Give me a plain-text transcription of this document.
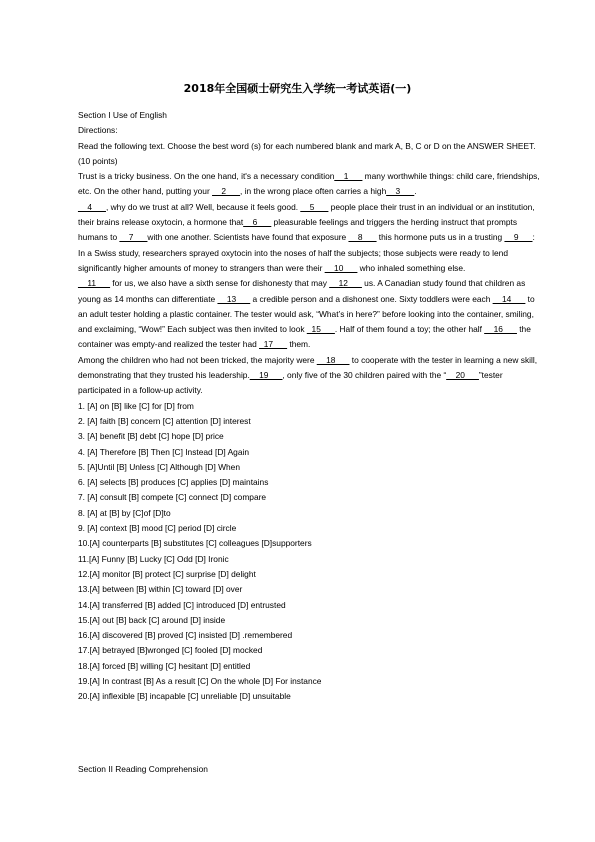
2018年全国硕士研究生入学统一考试英语(一)

Section I Use of English

Directions:

Read the following text. Choose the best word (s) for each numbered blank and mark A, B, C or D on the ANSWER SHEET. (10 points)

Trust is a tricky business. On the one hand, it's a necessary condition__1___ many worthwhile things: child care, friendships, etc. On the other hand, putting your __2___, in the wrong place often carries a high__3___.

__4___, why do we trust at all? Well, because it feels good. __5___ people place their trust in an individual or an institution, their brains release oxytocin, a hormone that__6___ pleasurable feelings and triggers the herding instruct that prompts humans to __7___with one another. Scientists have found that exposure __8___ this hormone puts us in a trusting __9___: In a Swiss study, researchers sprayed oxytocin into the noses of half the subjects; those subjects were ready to lend significantly higher amounts of money to strangers than were their __10___ who inhaled something else.

__11___ for us, we also have a sixth sense for dishonesty that may __12___ us. A Canadian study found that children as young as 14 months can differentiate __13___ a credible person and a dishonest one. Sixty toddlers were each __14___ to an adult tester holding a plastic container. The tester would ask, “What’s in here?” before looking into the container, smiling, and exclaiming, “Wow!” Each subject was then invited to look _15___. Half of them found a toy; the other half __16___ the container was empty-and realized the tester had _17___ them.

Among the children who had not been tricked, the majority were __18___ to cooperate with the tester in learning a new skill, demonstrating that they trusted his leadership.__19___, only five of the 30 children paired with the “__20___”tester participated in a follow-up activity.

1. [A] on [B] like [C] for [D] from
2. [A] faith [B] concern [C] attention [D] interest
3. [A] benefit [B] debt [C] hope [D] price
4. [A] Therefore [B] Then [C] Instead [D] Again
5. [A]Until [B] Unless [C] Although [D] When
6. [A] selects [B] produces [C] applies [D] maintains
7. [A] consult [B] compete [C] connect [D] compare
8. [A] at [B] by [C]of [D]to
9. [A] context [B] mood [C] period [D] circle
10.[A] counterparts [B] substitutes [C] colleagues [D]supporters
11.[A] Funny [B] Lucky [C] Odd [D] Ironic
12.[A] monitor [B] protect [C] surprise [D] delight
13.[A] between [B] within [C] toward [D] over
14.[A] transferred [B] added [C] introduced [D] entrusted
15.[A] out [B] back [C] around [D] inside
16.[A] discovered [B] proved [C] insisted [D] .remembered
17.[A] betrayed [B]wronged [C] fooled [D] mocked
18.[A] forced [B] willing [C] hesitant [D] entitled
19.[A] In contrast [B] As a result [C] On the whole [D] For instance
20.[A] inflexible [B] incapable [C] unreliable [D] unsuitable
Section II Reading Comprehension
